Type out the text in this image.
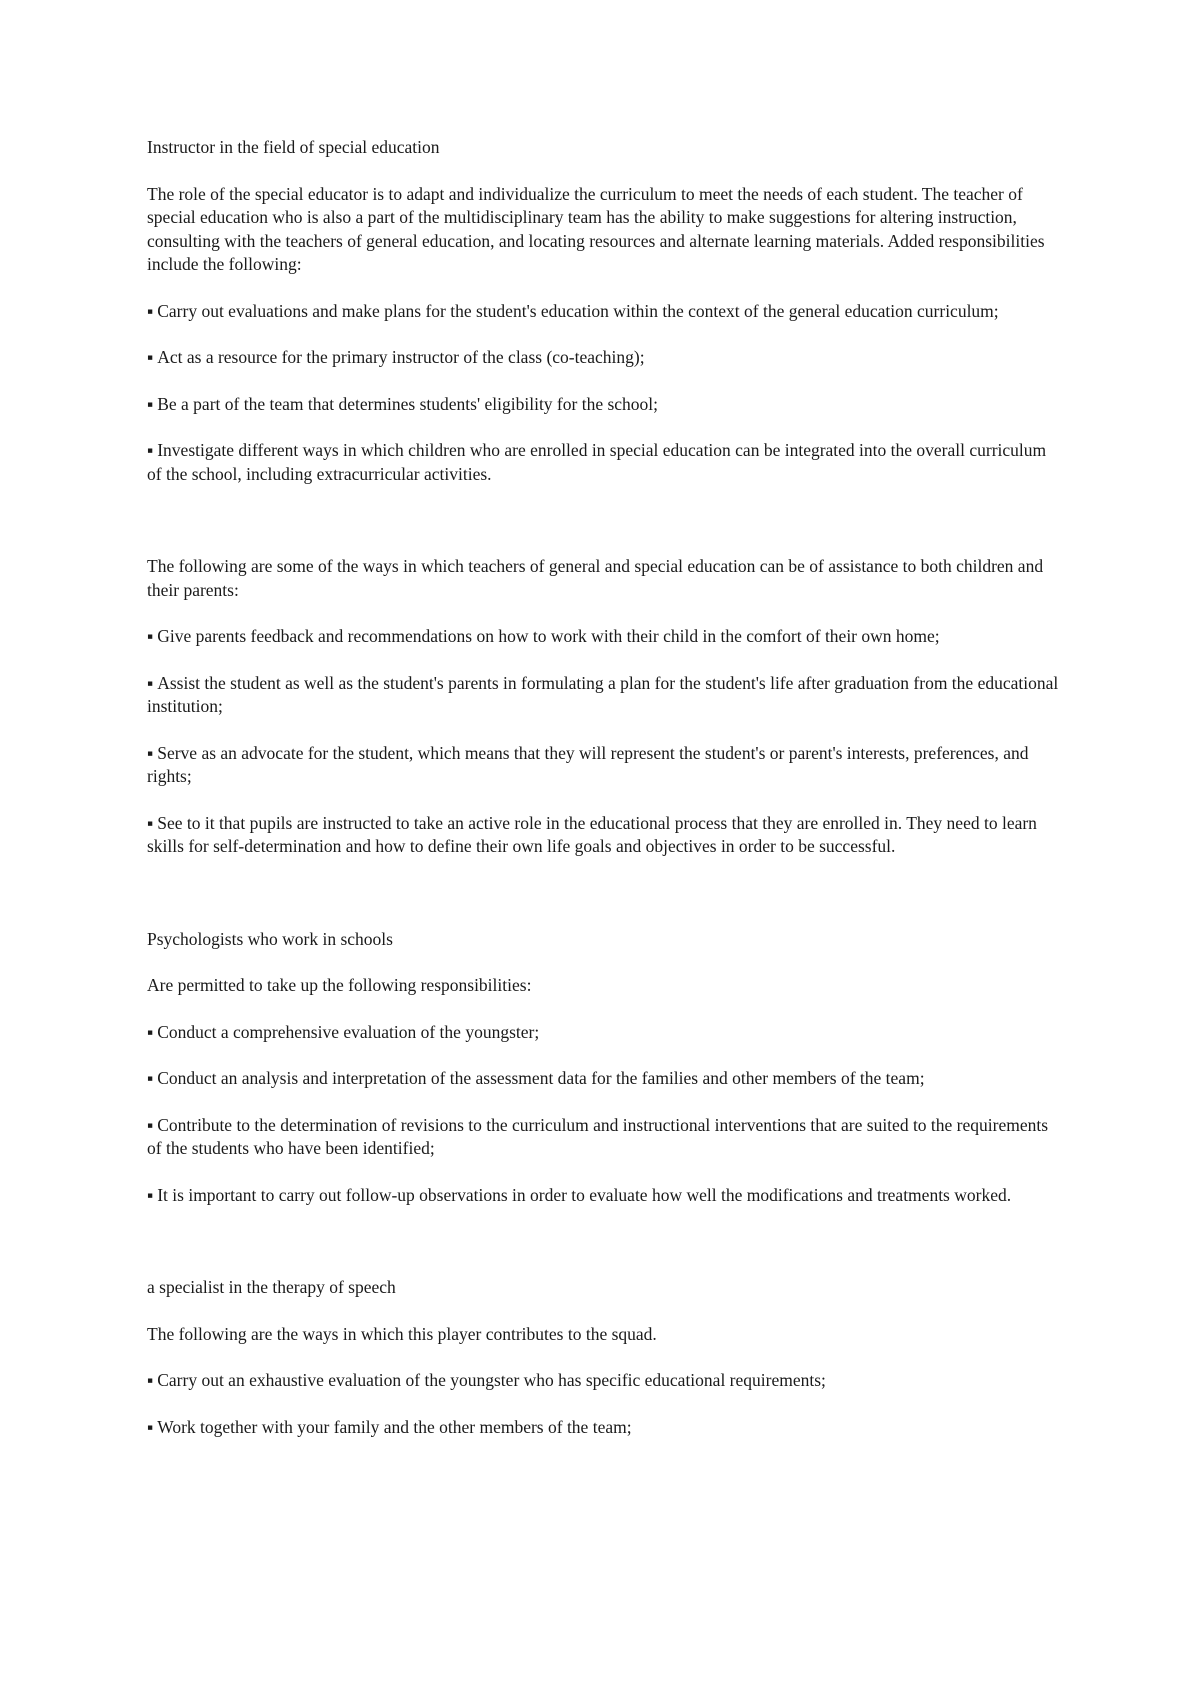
Instructor in the field of special education

The role of the special educator is to adapt and individualize the curriculum to meet the needs of each student. The teacher of special education who is also a part of the multidisciplinary team has the ability to make suggestions for altering instruction, consulting with the teachers of general education, and locating resources and alternate learning materials. Added responsibilities include the following:

▪ Carry out evaluations and make plans for the student's education within the context of the general education curriculum;

▪ Act as a resource for the primary instructor of the class (co-teaching);

▪ Be a part of the team that determines students' eligibility for the school;

▪ Investigate different ways in which children who are enrolled in special education can be integrated into the overall curriculum of the school, including extracurricular activities.

The following are some of the ways in which teachers of general and special education can be of assistance to both children and their parents:

▪ Give parents feedback and recommendations on how to work with their child in the comfort of their own home;

▪ Assist the student as well as the student's parents in formulating a plan for the student's life after graduation from the educational institution;

▪ Serve as an advocate for the student, which means that they will represent the student's or parent's interests, preferences, and rights;

▪ See to it that pupils are instructed to take an active role in the educational process that they are enrolled in. They need to learn skills for self-determination and how to define their own life goals and objectives in order to be successful.

Psychologists who work in schools

Are permitted to take up the following responsibilities:

▪ Conduct a comprehensive evaluation of the youngster;

▪ Conduct an analysis and interpretation of the assessment data for the families and other members of the team;

▪ Contribute to the determination of revisions to the curriculum and instructional interventions that are suited to the requirements of the students who have been identified;

▪ It is important to carry out follow-up observations in order to evaluate how well the modifications and treatments worked.

a specialist in the therapy of speech

The following are the ways in which this player contributes to the squad.

▪ Carry out an exhaustive evaluation of the youngster who has specific educational requirements;

▪ Work together with your family and the other members of the team;
